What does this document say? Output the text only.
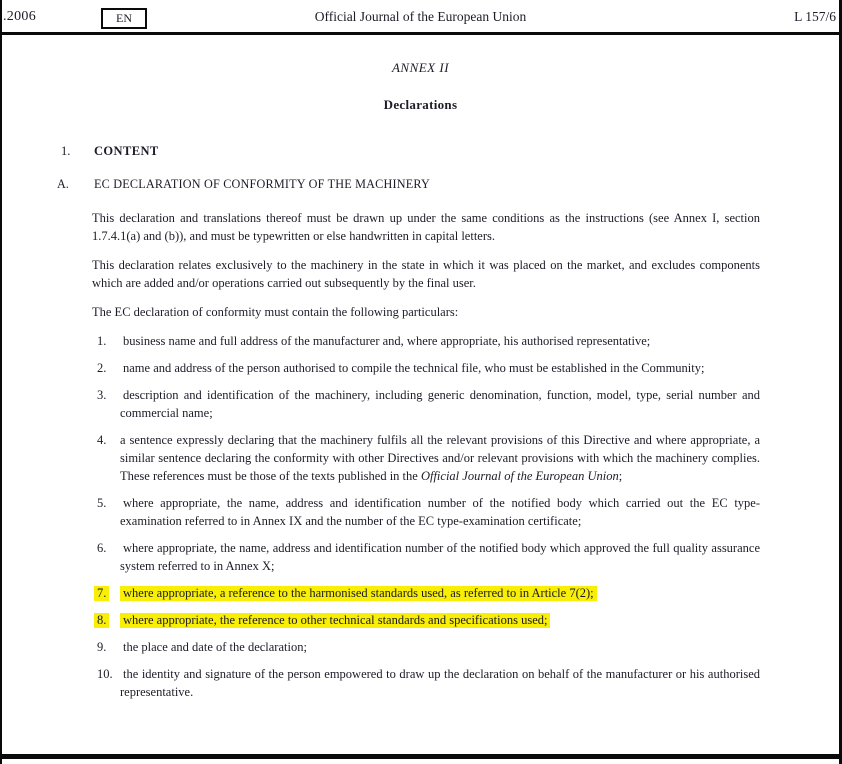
.2006	EN	Official Journal of the European Union	L 157/6
ANNEX II
Declarations
1.	CONTENT
A.	EC DECLARATION OF CONFORMITY OF THE MACHINERY

This declaration and translations thereof must be drawn up under the same conditions as the instructions (see Annex I, section 1.7.4.1(a) and (b)), and must be typewritten or else handwritten in capital letters.

This declaration relates exclusively to the machinery in the state in which it was placed on the market, and excludes components which are added and/or operations carried out subsequently by the final user.

The EC declaration of conformity must contain the following particulars:

1.	business name and full address of the manufacturer and, where appropriate, his authorised representative;
2.	name and address of the person authorised to compile the technical file, who must be established in the Community;
3.	description and identification of the machinery, including generic denomination, function, model, type, serial number and commercial name;
4.	a sentence expressly declaring that the machinery fulfils all the relevant provisions of this Directive and where appropriate, a similar sentence declaring the conformity with other Directives and/or relevant provisions with which the machinery complies. These references must be those of the texts published in the Official Journal of the European Union;
5.	where appropriate, the name, address and identification number of the notified body which carried out the EC type-examination referred to in Annex IX and the number of the EC type-examination certificate;
6.	where appropriate, the name, address and identification number of the notified body which approved the full quality assurance system referred to in Annex X;
7.	where appropriate, a reference to the harmonised standards used, as referred to in Article 7(2);
8.	where appropriate, the reference to other technical standards and specifications used;
9.	the place and date of the declaration;
10. the identity and signature of the person empowered to draw up the declaration on behalf of the manufacturer or his authorised representative.
